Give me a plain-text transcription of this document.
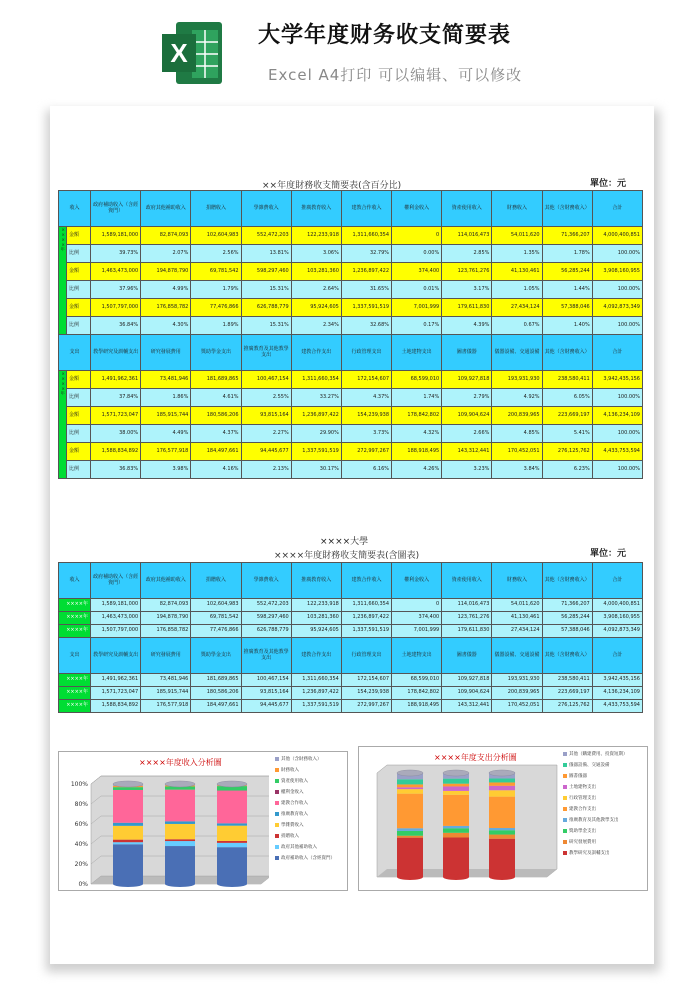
X
大学年度财务收支简要表
Excel A4打印 可以编辑、可以修改
××年度財務收支簡要表(含百分比)	單位：元
收入		政府補助收入（含經資門）	政府其他補助收入	捐贈收入	學雜費收入	推廣教育收入	建教合作收入	權利金收入	資產使用收入	財務收入	其他（含財務收入）	合計
××××年	金額	1,589,181,000	82,874,093	102,604,983	552,472,203	122,233,918	1,311,660,354	0	114,016,473	54,011,620	71,366,207	4,000,400,851
	比例	39.73%	2.07%	2.56%	13.81%	3.06%	32.79%	0.00%	2.85%	1.35%	1.78%	100.00%
	金額	1,463,473,000	194,878,790	69,781,542	598,297,460	103,281,360	1,236,897,422	374,400	123,761,276	41,130,461	56,285,244	3,908,160,955
	比例	37.96%	4.99%	1.79%	15.31%	2.64%	31.65%	0.01%	3.17%	1.05%	1.44%	100.00%
	金額	1,507,797,000	176,858,782	77,476,866	626,788,779	95,924,605	1,337,591,519	7,001,999	179,611,830	27,434,124	57,388,046	4,092,873,349
	比例	36.84%	4.30%	1.89%	15.31%	2.34%	32.68%	0.17%	4.39%	0.67%	1.40%	100.00%
支出		教學研究及訓輔支出	研究發展費用	獎助學金支出	推廣教育及其他教學支出	建教合作支出	行政管理支出	土地建物支出	圖書儀器	儀器設備、交通設備	其他（含財務收入）	合計
××××年	金額	1,491,962,361	73,481,946	181,689,865	100,467,154	1,311,660,354	172,154,607	68,599,010	109,927,818	193,931,930	238,580,411	3,942,435,156
	比例	37.84%	1.86%	4.61%	2.55%	33.27%	4.37%	1.74%	2.79%	4.92%	6.05%	100.00%
	金額	1,571,723,047	185,915,744	180,586,206	93,815,164	1,236,897,422	154,239,938	178,842,802	109,904,624	200,839,965	223,669,197	4,136,234,109
	比例	38.00%	4.49%	4.37%	2.27%	29.90%	3.73%	4.32%	2.66%	4.85%	5.41%	100.00%
	金額	1,588,834,892	176,577,918	184,497,661	94,445,677	1,337,591,519	272,997,267	188,918,495	143,312,441	170,452,051	276,125,762	4,433,753,594
	比例	36.83%	3.98%	4.16%	2.13%	30.17%	6.16%	4.26%	3.23%	3.84%	6.23%	100.00%
××××大學
××××年度財務收支簡要表(含圖表)	單位：元
收入	政府補助收入（含經資門）	政府其他補助收入	捐贈收入	學雜費收入	推廣教育收入	建教合作收入	權利金收入	資產使用收入	財務收入	其他（含財務收入）	合計
××××年	1,589,181,000	82,874,093	102,604,983	552,472,203	122,233,918	1,311,660,354	0	114,016,473	54,011,620	71,366,207	4,000,400,851
××××年	1,463,473,000	194,878,790	69,781,542	598,297,460	103,281,360	1,236,897,422	374,400	123,761,276	41,130,461	56,285,244	3,908,160,955
××××年	1,507,797,000	176,858,782	77,476,866	626,788,779	95,924,605	1,337,591,519	7,001,999	179,611,830	27,434,124	57,388,046	4,092,873,349
支出	教學研究及訓輔支出	研究發展費用	獎助學金支出	推廣教育及其他教學支出	建教合作支出	行政管理支出	土地建物支出	圖書儀器	儀器設備、交通設備	其他（含財務收入）	合計
××××年	1,491,962,361	73,481,946	181,689,865	100,467,154	1,311,660,354	172,154,607	68,599,010	109,927,818	193,931,930	238,580,411	3,942,435,156
××××年	1,571,723,047	185,915,744	180,586,206	93,815,164	1,236,897,422	154,239,938	178,842,802	109,904,624	200,839,965	223,669,197	4,136,234,109
××××年	1,588,834,892	176,577,918	184,497,661	94,445,677	1,337,591,519	272,997,267	188,918,495	143,312,441	170,452,051	276,125,762	4,433,753,594
××××年度收入分析圖
100%
80%
60%
40%
20%
0%
其他（含財務收入）
財務收入
資產使用收入
權利金收入
建教合作收入
推廣教育收入
學雜費收入
捐贈收入
政府其他補助收入
政府補助收入（含經資門）
××××年度支出分析圖	其他（購建費用、投資短期）
儀器設備、交通設備
圖書儀器
土地建物支出
行政管理支出
建教合作支出
推廣教育及其他教學支出
獎助學金支出
研究發展費用
教學研究及訓輔支出
